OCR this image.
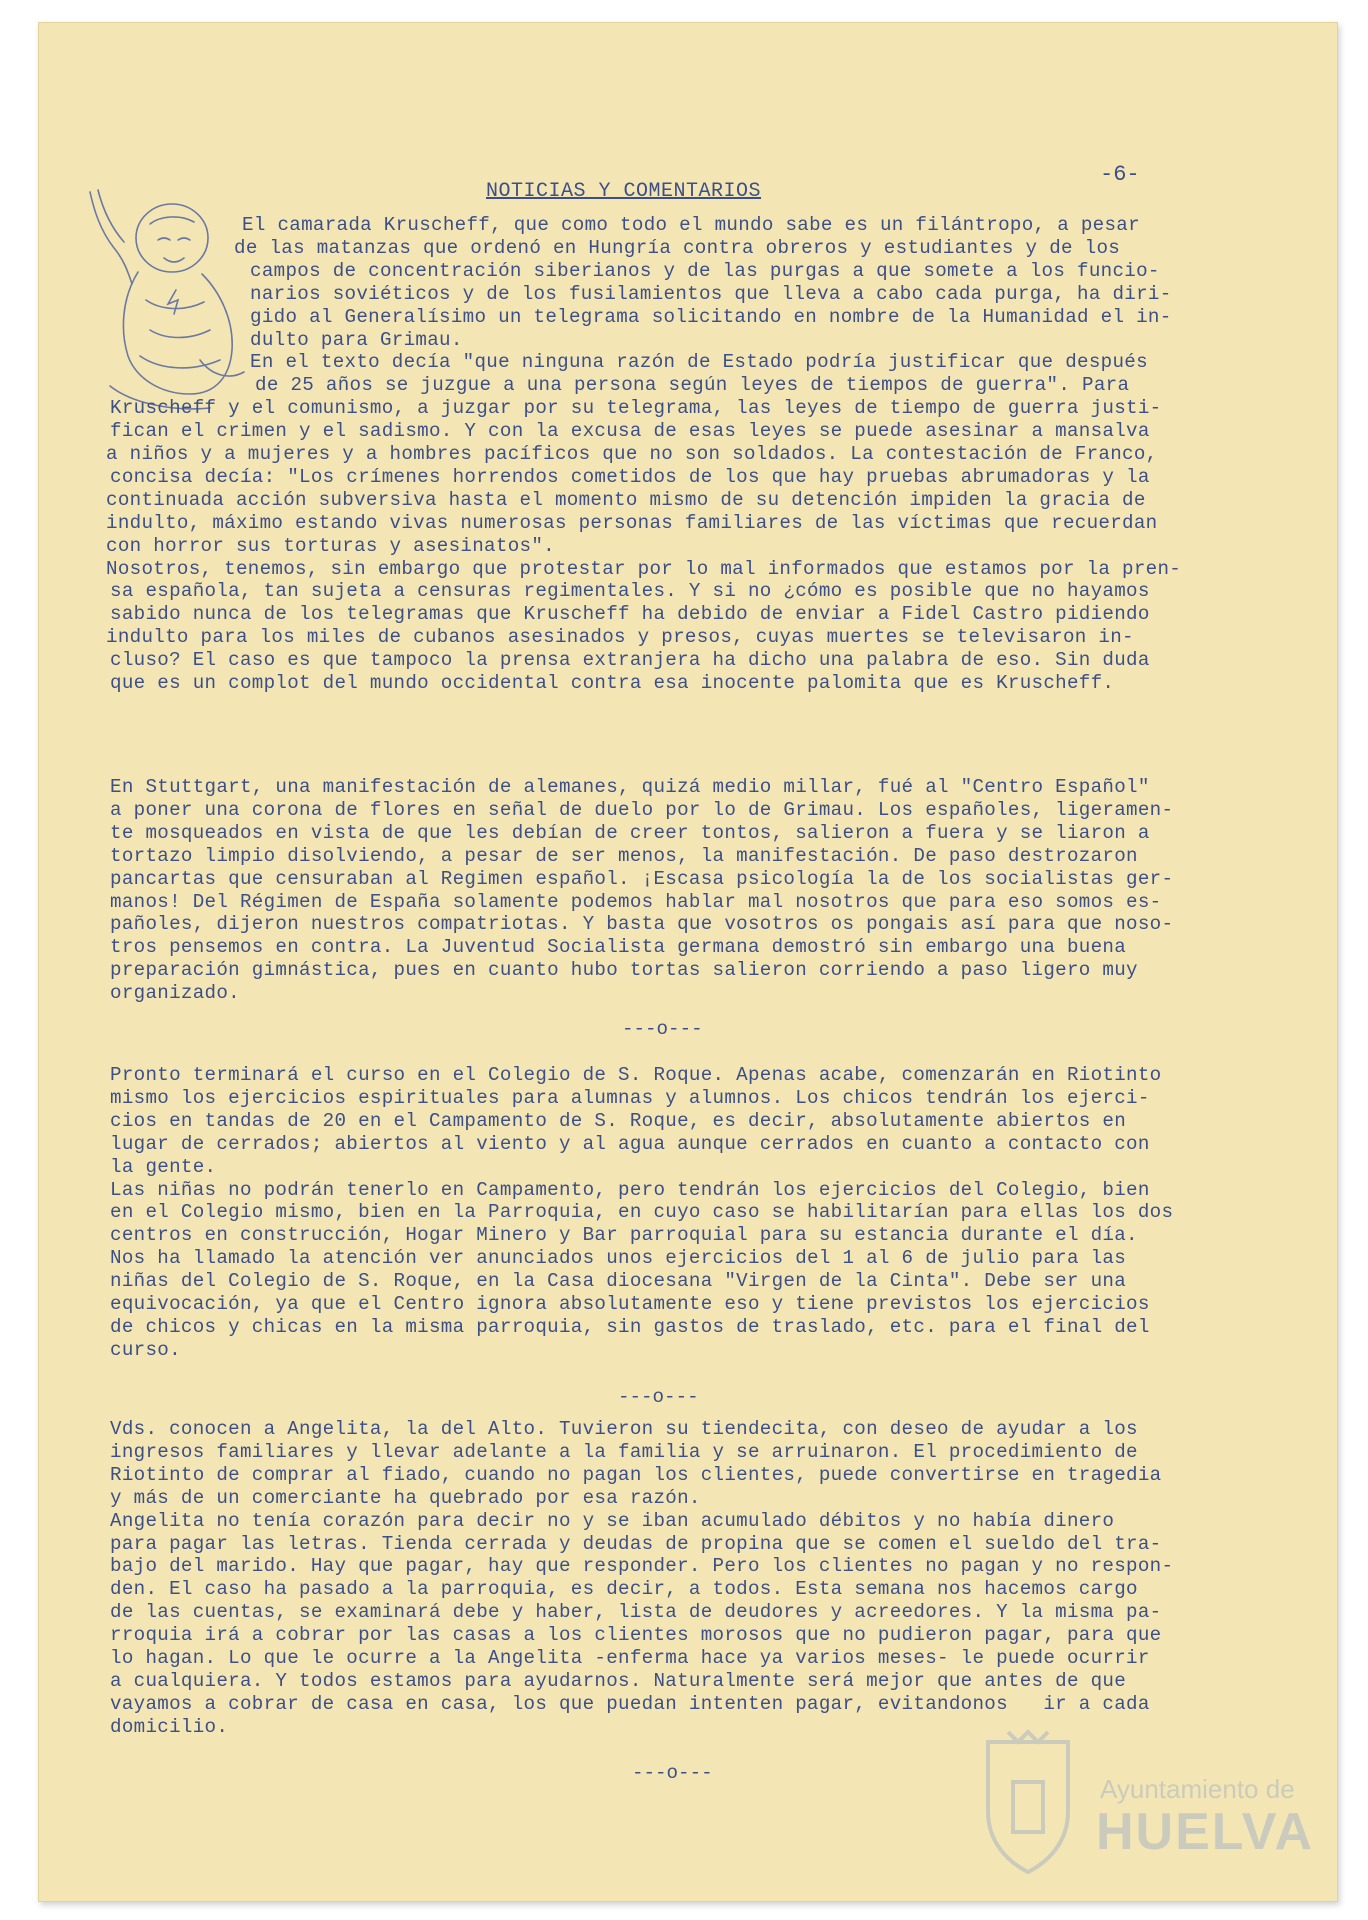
NOTICIAS Y COMENTARIOS
-6-
El camarada Kruscheff, que como todo el mundo sabe es un filántropo, a pesar
de las matanzas que ordenó en Hungría contra obreros y estudiantes y de los
campos de concentración siberianos y de las purgas a que somete a los funcio-
narios soviéticos y de los fusilamientos que lleva a cabo cada purga, ha diri-
gido al Generalísimo un telegrama solicitando en nombre de la Humanidad el in-
dulto para Grimau.
En el texto decía "que ninguna razón de Estado podría justificar que después
de 25 años se juzgue a una persona según leyes de tiempos de guerra". Para
Kruscheff y el comunismo, a juzgar por su telegrama, las leyes de tiempo de guerra justi-
fican el crimen y el sadismo. Y con la excusa de esas leyes se puede asesinar a mansalva
a niños y a mujeres y a hombres pacíficos que no son soldados. La contestación de Franco,
concisa decía: "Los crímenes horrendos cometidos de los que hay pruebas abrumadoras y la
continuada acción subversiva hasta el momento mismo de su detención impiden la gracia de
indulto, máximo estando vivas numerosas personas familiares de las víctimas que recuerdan
con horror sus torturas y asesinatos".
Nosotros, tenemos, sin embargo que protestar por lo mal informados que estamos por la pren-
sa española, tan sujeta a censuras regimentales. Y si no ¿cómo es posible que no hayamos
sabido nunca de los telegramas que Kruscheff ha debido de enviar a Fidel Castro pidiendo
indulto para los miles de cubanos asesinados y presos, cuyas muertes se televisaron in-
cluso? El caso es que tampoco la prensa extranjera ha dicho una palabra de eso. Sin duda
que es un complot del mundo occidental contra esa inocente palomita que es Kruscheff.
En Stuttgart, una manifestación de alemanes, quizá medio millar, fué al "Centro Español"
a poner una corona de flores en señal de duelo por lo de Grimau. Los españoles, ligeramen-
te mosqueados en vista de que les debían de creer tontos, salieron a fuera y se liaron a
tortazo limpio disolviendo, a pesar de ser menos, la manifestación. De paso destrozaron
pancartas que censuraban al Regimen español. ¡Escasa psicología la de los socialistas ger-
manos! Del Régimen de España solamente podemos hablar mal nosotros que para eso somos es-
pañoles, dijeron nuestros compatriotas. Y basta que vosotros os pongais así para que noso-
tros pensemos en contra. La Juventud Socialista germana demostró sin embargo una buena
preparación gimnástica, pues en cuanto hubo tortas salieron corriendo a paso ligero muy
organizado.
Pronto terminará el curso en el Colegio de S. Roque. Apenas acabe, comenzarán en Riotinto
mismo los ejercicios espirituales para alumnas y alumnos. Los chicos tendrán los ejerci-
cios en tandas de 20 en el Campamento de S. Roque, es decir, absolutamente abiertos en
lugar de cerrados; abiertos al viento y al agua aunque cerrados en cuanto a contacto con
la gente.
Las niñas no podrán tenerlo en Campamento, pero tendrán los ejercicios del Colegio, bien
en el Colegio mismo, bien en la Parroquia, en cuyo caso se habilitarían para ellas los dos
centros en construcción, Hogar Minero y Bar parroquial para su estancia durante el día.
Nos ha llamado la atención ver anunciados unos ejercicios del 1 al 6 de julio para las
niñas del Colegio de S. Roque, en la Casa diocesana "Virgen de la Cinta". Debe ser una
equivocación, ya que el Centro ignora absolutamente eso y tiene previstos los ejercicios
de chicos y chicas en la misma parroquia, sin gastos de traslado, etc. para el final del
curso.
Vds. conocen a Angelita, la del Alto. Tuvieron su tiendecita, con deseo de ayudar a los
ingresos familiares y llevar adelante a la familia y se arruinaron. El procedimiento de
Riotinto de comprar al fiado, cuando no pagan los clientes, puede convertirse en tragedia
y más de un comerciante ha quebrado por esa razón.
Angelita no tenía corazón para decir no y se iban acumulado débitos y no había dinero
para pagar las letras. Tienda cerrada y deudas de propina que se comen el sueldo del tra-
bajo del marido. Hay que pagar, hay que responder. Pero los clientes no pagan y no respon-
den. El caso ha pasado a la parroquia, es decir, a todos. Esta semana nos hacemos cargo
de las cuentas, se examinará debe y haber, lista de deudores y acreedores. Y la misma pa-
rroquia irá a cobrar por las casas a los clientes morosos que no pudieron pagar, para que
lo hagan. Lo que le ocurre a la Angelita -enferma hace ya varios meses- le puede ocurrir
a cualquiera. Y todos estamos para ayudarnos. Naturalmente será mejor que antes de que
vayamos a cobrar de casa en casa, los que puedan intenten pagar, evitandonos   ir a cada
domicilio.
---o---
---o---
---o---
Ayuntamiento de
HUELVA
